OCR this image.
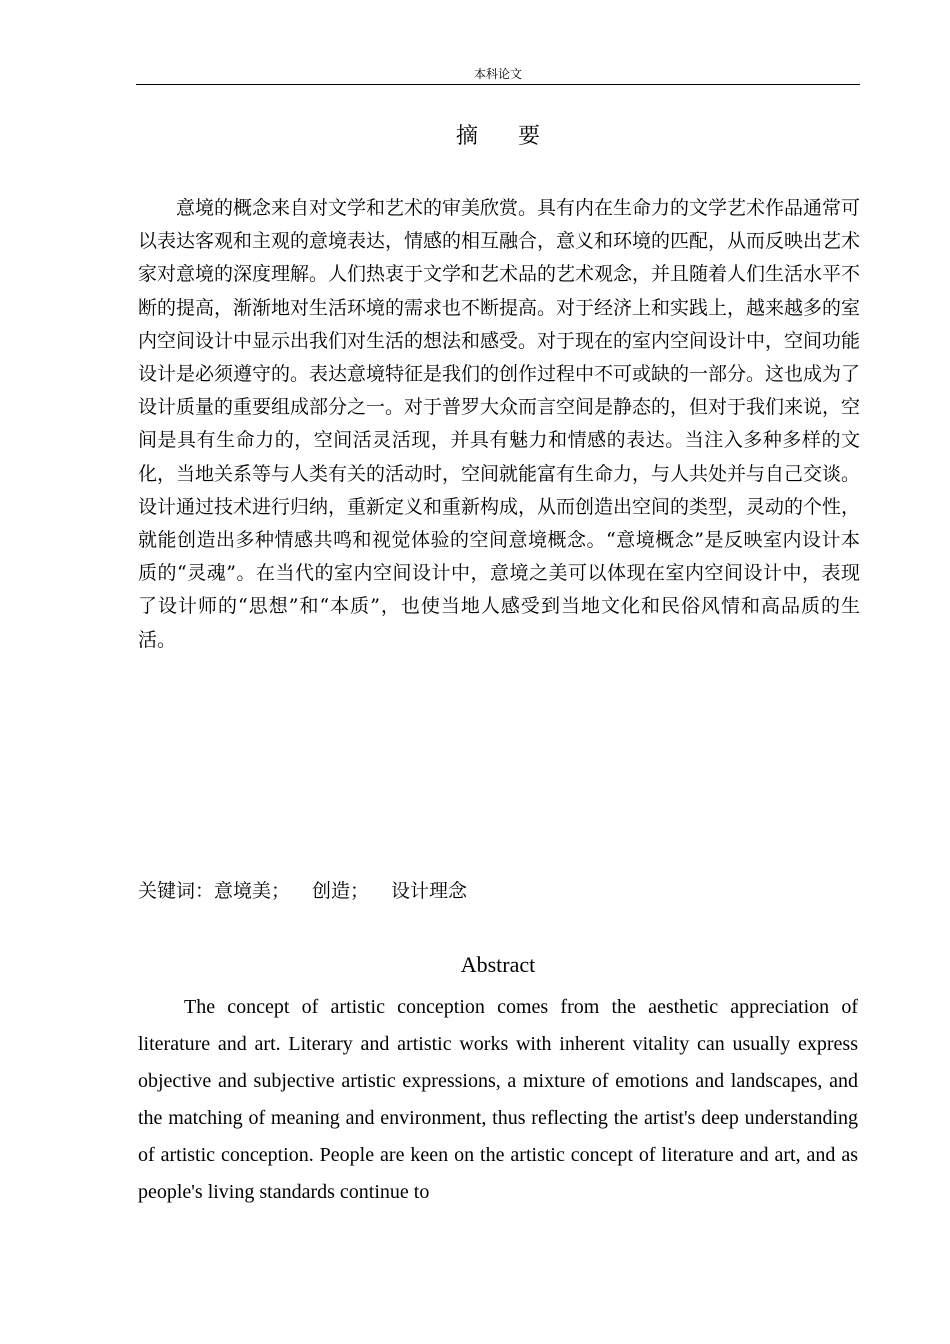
本科论文
摘要

意境的概念来自对文学和艺术的审美欣赏。具有内在生命力的文学艺术作品通常可以表达客观和主观的意境表达，情感的相互融合，意义和环境的匹配，从而反映出艺术家对意境的深度理解。人们热衷于文学和艺术品的艺术观念，并且随着人们生活水平不断的提高，渐渐地对生活环境的需求也不断提高。对于经济上和实践上，越来越多的室内空间设计中显示出我们对生活的想法和感受。对于现在的室内空间设计中，空间功能设计是必须遵守的。表达意境特征是我们的创作过程中不可或缺的一部分。这也成为了设计质量的重要组成部分之一。对于普罗大众而言空间是静态的，但对于我们来说，空间是具有生命力的，空间活灵活现，并具有魅力和情感的表达。当注入多种多样的文化，当地关系等与人类有关的活动时，空间就能富有生命力，与人共处并与自己交谈。设计通过技术进行归纳，重新定义和重新构成，从而创造出空间的类型，灵动的个性，就能创造出多种情感共鸣和视觉体验的空间意境概念。“意境概念”是反映室内设计本质的“灵魂”。在当代的室内空间设计中，意境之美可以体现在室内空间设计中，表现了设计师的“思想”和“本质”，也使当地人感受到当地文化和民俗风情和高品质的生活。

关键词：意境美； 创造； 设计理念
Abstract

The concept of artistic conception comes from the aesthetic appreciation of literature and art. Literary and artistic works with inherent vitality can usually express objective and subjective artistic expressions, a mixture of emotions and landscapes, and the matching of meaning and environment, thus reflecting the artist's deep understanding of artistic conception. People are keen on the artistic concept of literature and art, and as people's living standards continue to
